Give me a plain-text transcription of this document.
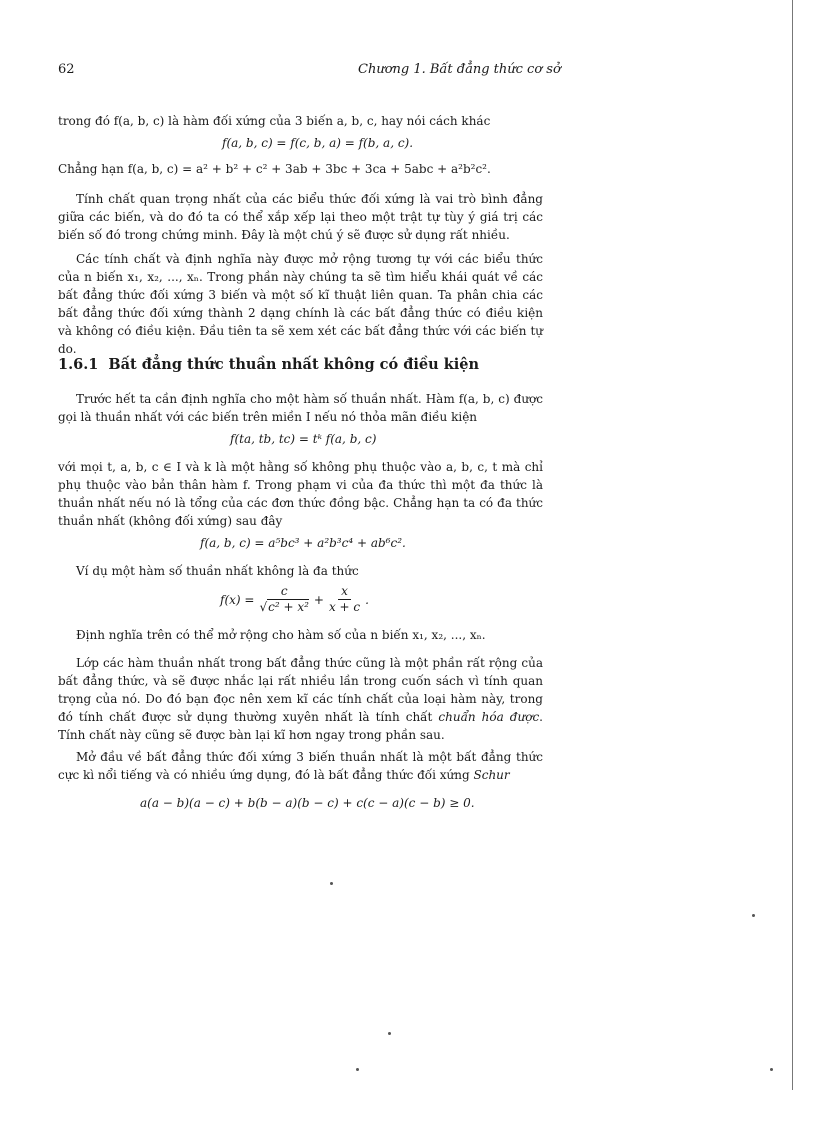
62	Chương 1. Bất đẳng thức cơ sở
trong đó f(a, b, c) là hàm đối xứng của 3 biến a, b, c, hay nói cách khác
f(a, b, c) = f(c, b, a) = f(b, a, c).
Chẳng hạn f(a, b, c) = a² + b² + c² + 3ab + 3bc + 3ca + 5abc + a²b²c².
Tính chất quan trọng nhất của các biểu thức đối xứng là vai trò bình đẳng giữa các biến, và do đó ta có thể xắp xếp lại theo một trật tự tùy ý giá trị các biến số đó trong chứng minh. Đây là một chú ý sẽ được sử dụng rất nhiều.
Các tính chất và định nghĩa này được mở rộng tương tự với các biểu thức của n biến x₁, x₂, ..., xₙ. Trong phần này chúng ta sẽ tìm hiểu khái quát về các bất đẳng thức đối xứng 3 biến và một số kĩ thuật liên quan. Ta phân chia các bất đẳng thức đối xứng thành 2 dạng chính là các bất đẳng thức có điều kiện và không có điều kiện. Đầu tiên ta sẽ xem xét các bất đẳng thức với các biến tự do.
1.6.1 Bất đẳng thức thuần nhất không có điều kiện
Trước hết ta cần định nghĩa cho một hàm số thuần nhất. Hàm f(a, b, c) được gọi là thuần nhất với các biến trên miền I nếu nó thỏa mãn điều kiện
f(ta, tb, tc) = tᵏ f(a, b, c)
với mọi t, a, b, c ∈ I và k là một hằng số không phụ thuộc vào a, b, c, t mà chỉ phụ thuộc vào bản thân hàm f. Trong phạm vi của đa thức thì một đa thức là thuần nhất nếu nó là tổng của các đơn thức đồng bậc. Chẳng hạn ta có đa thức thuần nhất (không đối xứng) sau đây
f(a, b, c) = a⁵bc³ + a²b³c⁴ + ab⁶c².
Ví dụ một hàm số thuần nhất không là đa thức
$f(x) = \frac{c}{\text{√c² + x²}} + \frac{x}{x + c}$ .
Định nghĩa trên có thể mở rộng cho hàm số của n biến x₁, x₂, ..., xₙ.
Lớp các hàm thuần nhất trong bất đẳng thức cũng là một phần rất rộng của bất đẳng thức, và sẽ được nhắc lại rất nhiều lần trong cuốn sách vì tính quan trọng của nó. Do đó bạn đọc nên xem kĩ các tính chất của loại hàm này, trong đó tính chất được sử dụng thường xuyên nhất là tính chất chuẩn hóa được. Tính chất này cũng sẽ được bàn lại kĩ hơn ngay trong phần sau.
Mở đầu về bất đẳng thức đối xứng 3 biến thuần nhất là một bất đẳng thức cực kì nổi tiếng và có nhiều ứng dụng, đó là bất đẳng thức đối xứng Schur
a(a − b)(a − c) + b(b − a)(b − c) + c(c − a)(c − b) ≥ 0.
